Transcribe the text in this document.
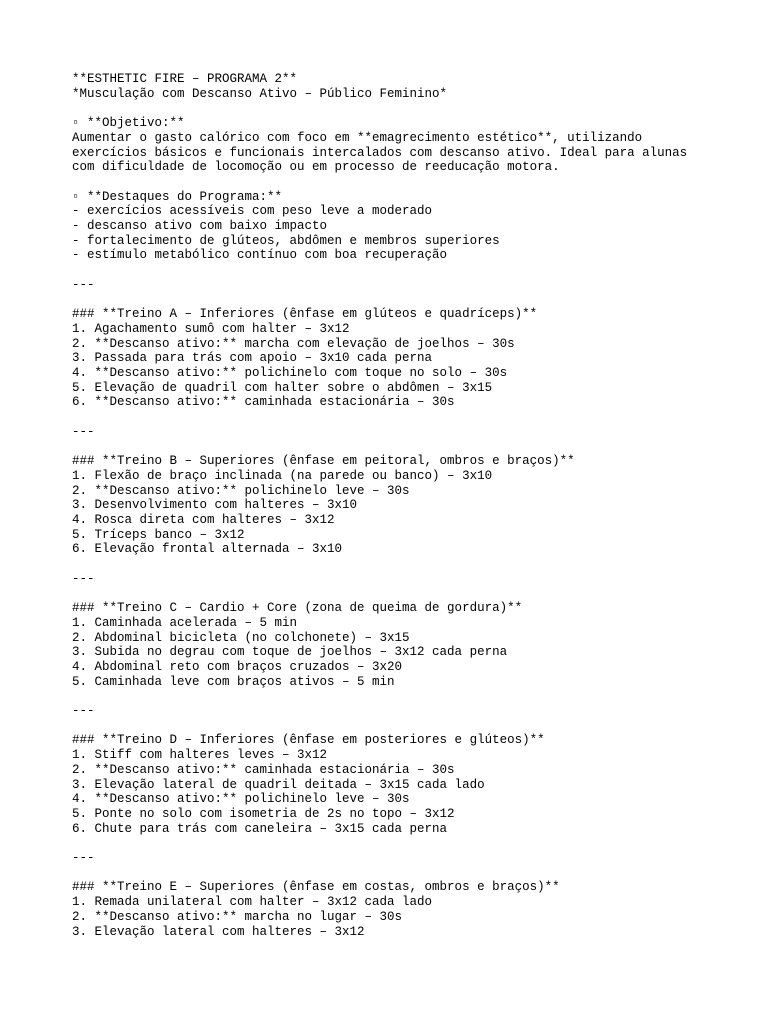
**ESTHETIC FIRE – PROGRAMA 2**
*Musculação com Descanso Ativo – Público Feminino*
▫ **Objetivo:**
Aumentar o gasto calórico com foco em **emagrecimento estético**, utilizando
exercícios básicos e funcionais intercalados com descanso ativo. Ideal para alunas
com dificuldade de locomoção ou em processo de reeducação motora.
▫ **Destaques do Programa:**
- exercícios acessíveis com peso leve a moderado
- descanso ativo com baixo impacto
- fortalecimento de glúteos, abdômen e membros superiores
- estímulo metabólico contínuo com boa recuperação
---
### **Treino A – Inferiores (ênfase em glúteos e quadríceps)**
1. Agachamento sumô com halter – 3x12
2. **Descanso ativo:** marcha com elevação de joelhos – 30s
3. Passada para trás com apoio – 3x10 cada perna
4. **Descanso ativo:** polichinelo com toque no solo – 30s
5. Elevação de quadril com halter sobre o abdômen – 3x15
6. **Descanso ativo:** caminhada estacionária – 30s
---
### **Treino B – Superiores (ênfase em peitoral, ombros e braços)**
1. Flexão de braço inclinada (na parede ou banco) – 3x10
2. **Descanso ativo:** polichinelo leve – 30s
3. Desenvolvimento com halteres – 3x10
4. Rosca direta com halteres – 3x12
5. Tríceps banco – 3x12
6. Elevação frontal alternada – 3x10
---
### **Treino C – Cardio + Core (zona de queima de gordura)**
1. Caminhada acelerada – 5 min
2. Abdominal bicicleta (no colchonete) – 3x15
3. Subida no degrau com toque de joelhos – 3x12 cada perna
4. Abdominal reto com braços cruzados – 3x20
5. Caminhada leve com braços ativos – 5 min
---
### **Treino D – Inferiores (ênfase em posteriores e glúteos)**
1. Stiff com halteres leves – 3x12
2. **Descanso ativo:** caminhada estacionária – 30s
3. Elevação lateral de quadril deitada – 3x15 cada lado
4. **Descanso ativo:** polichinelo leve – 30s
5. Ponte no solo com isometria de 2s no topo – 3x12
6. Chute para trás com caneleira – 3x15 cada perna
---
### **Treino E – Superiores (ênfase em costas, ombros e braços)**
1. Remada unilateral com halter – 3x12 cada lado
2. **Descanso ativo:** marcha no lugar – 30s
3. Elevação lateral com halteres – 3x12
